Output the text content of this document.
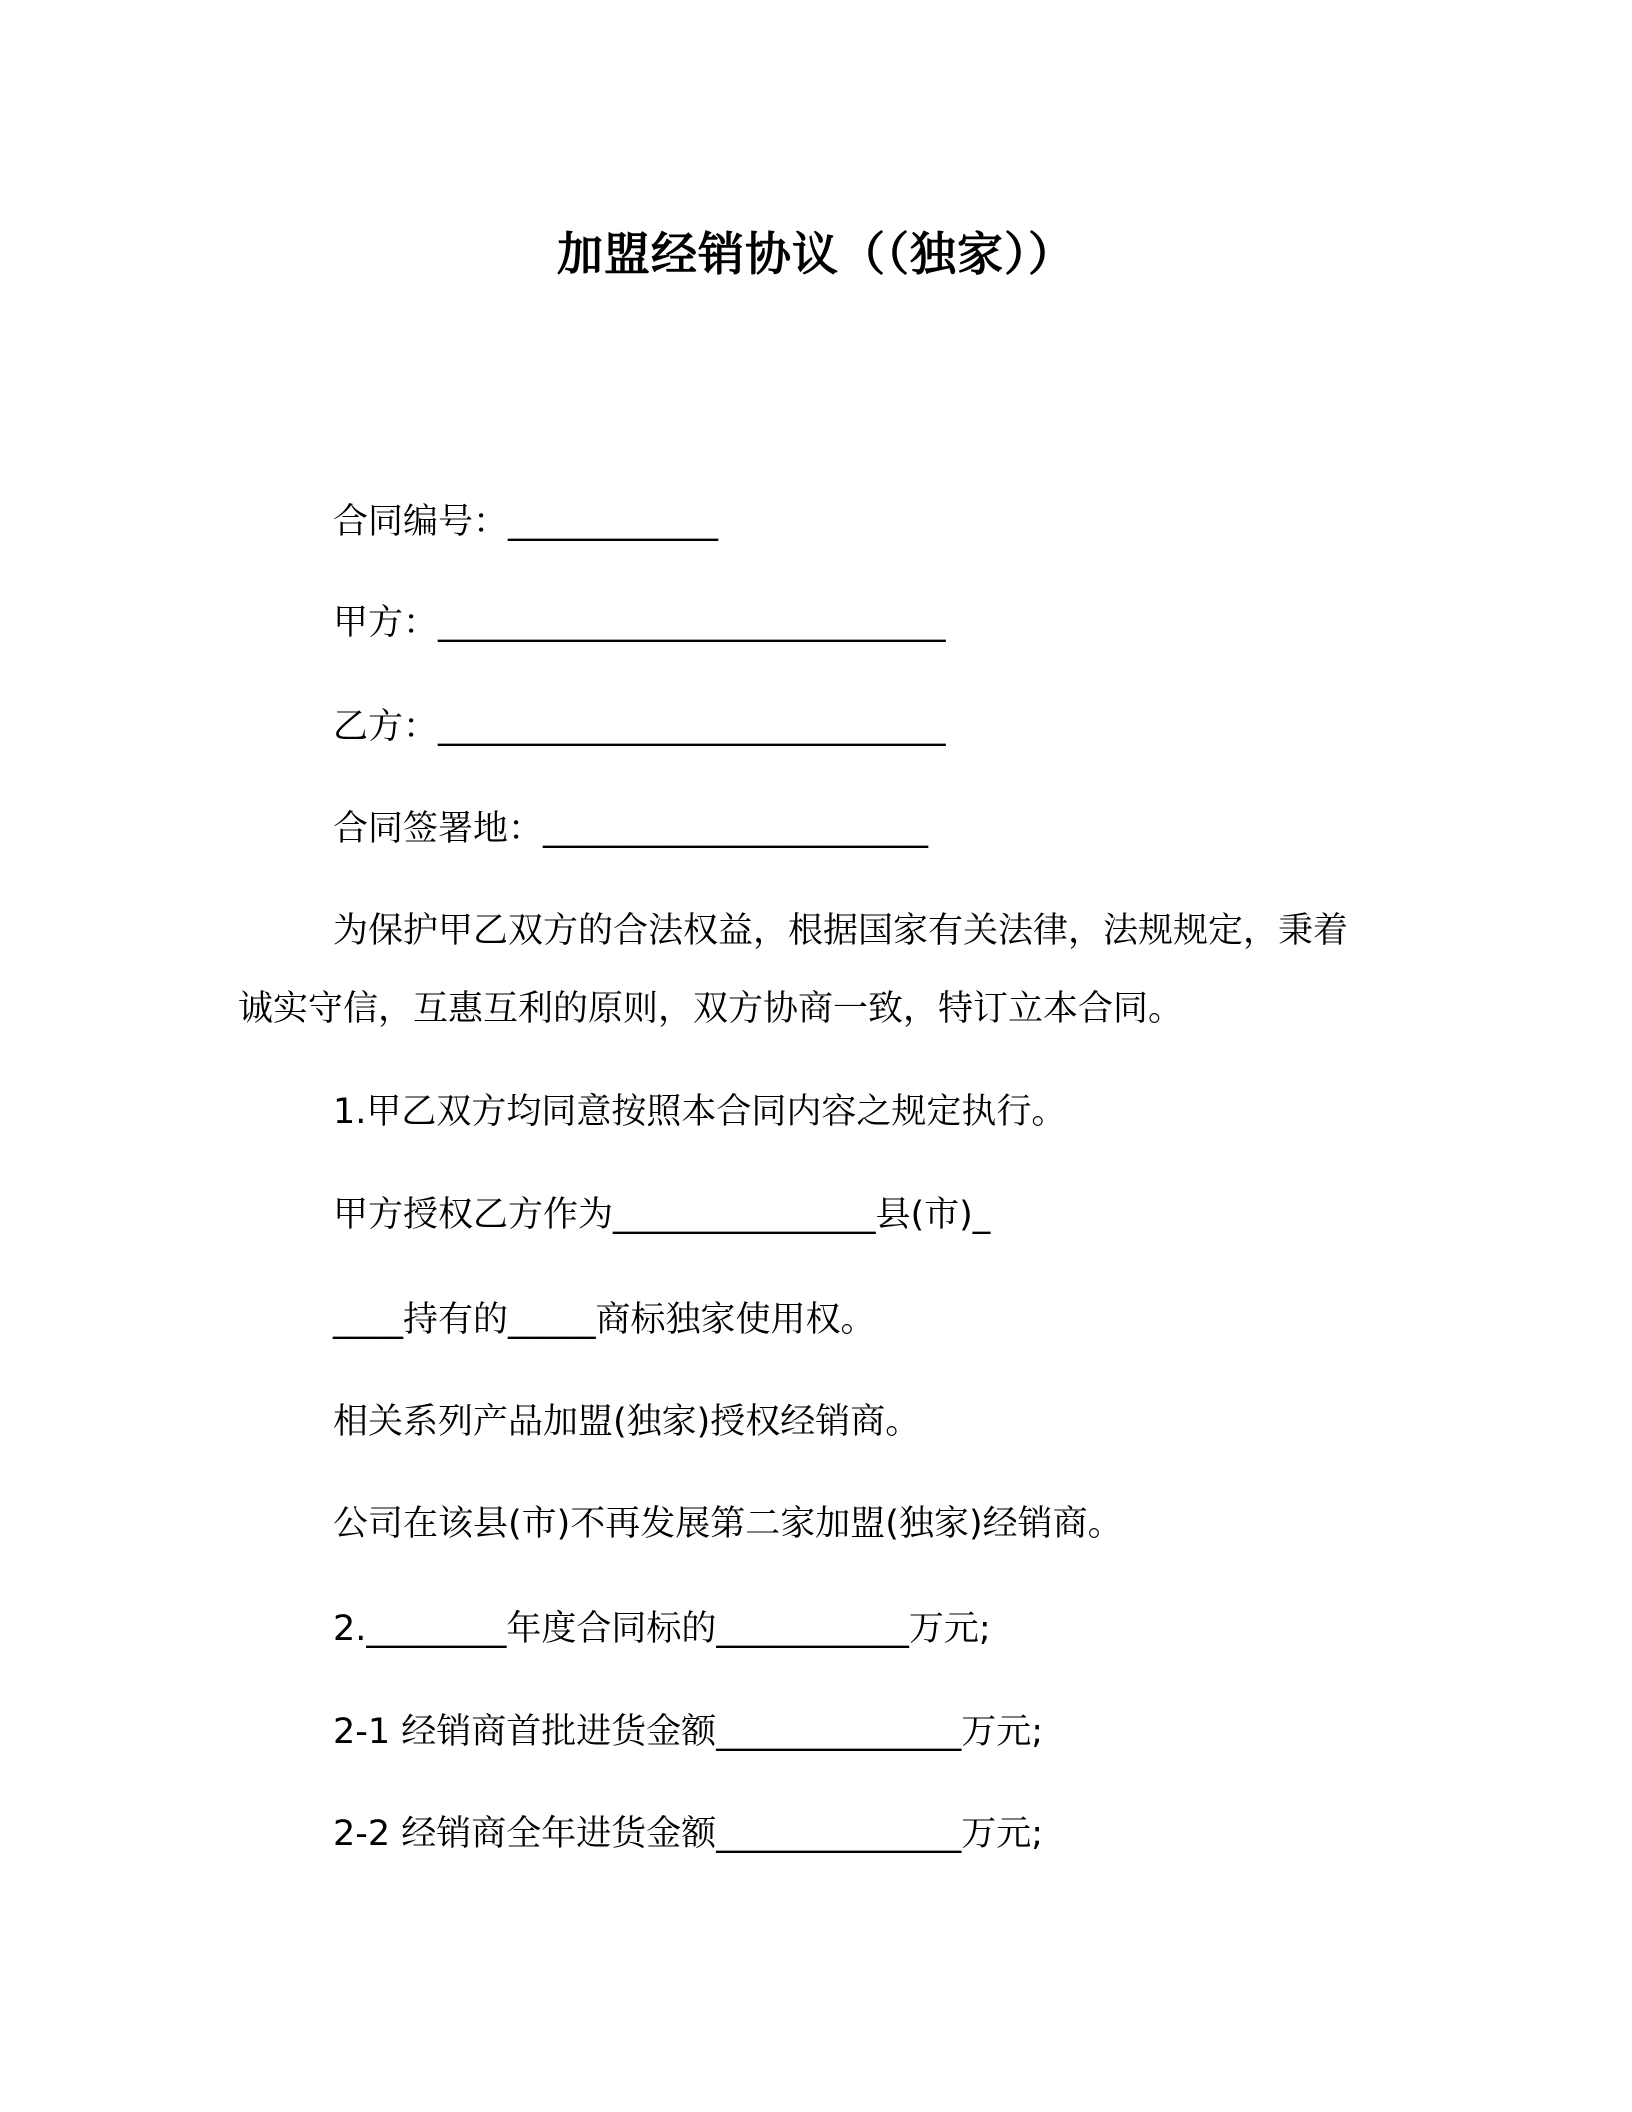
加盟经销协议（（独家））
合同编号：____________
甲方：_____________________________
乙方：_____________________________
合同签署地：______________________
为保护甲乙双方的合法权益，根据国家有关法律，法规规定，秉着诚实守信，互惠互利的原则，双方协商一致，特订立本合同。
1.甲乙双方均同意按照本合同内容之规定执行。
甲方授权乙方作为_______________县(市)_
____持有的_____商标独家使用权。
相关系列产品加盟(独家)授权经销商。
公司在该县(市)不再发展第二家加盟(独家)经销商。
2.________年度合同标的___________万元;
2-1 经销商首批进货金额______________万元;
2-2 经销商全年进货金额______________万元;
